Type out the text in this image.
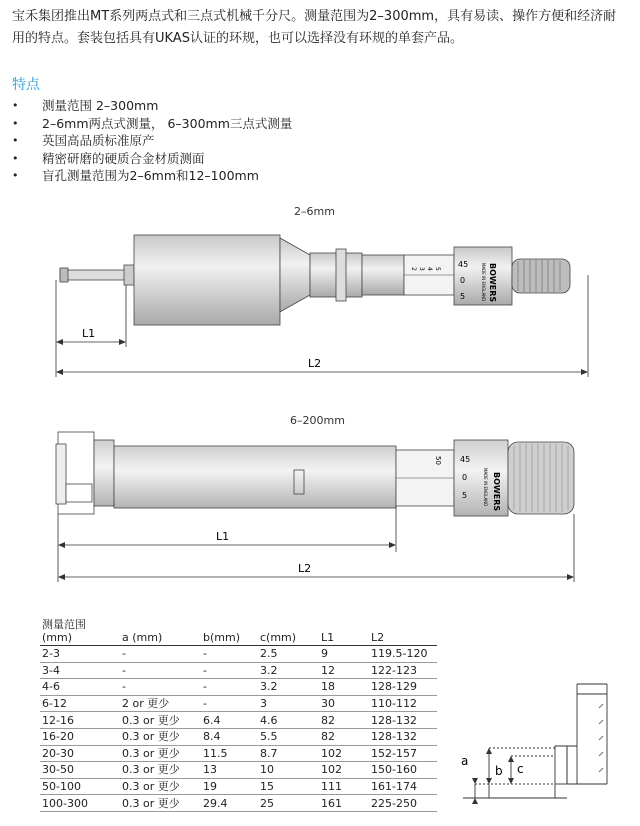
宝禾集团推出MT系列两点式和三点式机械千分尺。测量范围为2–300mm，具有易读、操作方便和经济耐用的特点。套装包括具有UKAS认证的环规，也可以选择没有环规的单套产品。
特点
• 测量范围 2–300mm
• 2–6mm两点式测量， 6–300mm三点式测量
• 英国高品质标准原产
• 精密研磨的硬质合金材质测面
• 盲孔测量范围为2–6mm和12–100mm
2–6mm
BOWERS
MADE IN ENGLAND
45
0
5
2 3 4 5
L1
L2
6–200mm
50 45
0
5	BOWERS
MADE IN ENGLAND
L1
L2
测量范围
(mm)	a (mm)	b(mm)	c(mm)	L1	L2
2-3	-	-	2.5	9	119.5-120
3-4	-	-	3.2	12	122-123
4-6	-	-	3.2	18	128-129
6-12	2 or 更少	-	3	30	110-112
12-16	0.3 or 更少	6.4	4.6	82	128-132
16-20	0.3 or 更少	8.4	5.5	82	128-132
20-30	0.3 or 更少	11.5	8.7	102	152-157
30-50	0.3 or 更少	13	10	102	150-160
50-100	0.3 or 更少	19	15	111	161-174
100-300	0.3 or 更少	29.4	25	161	225-250
a
b c
